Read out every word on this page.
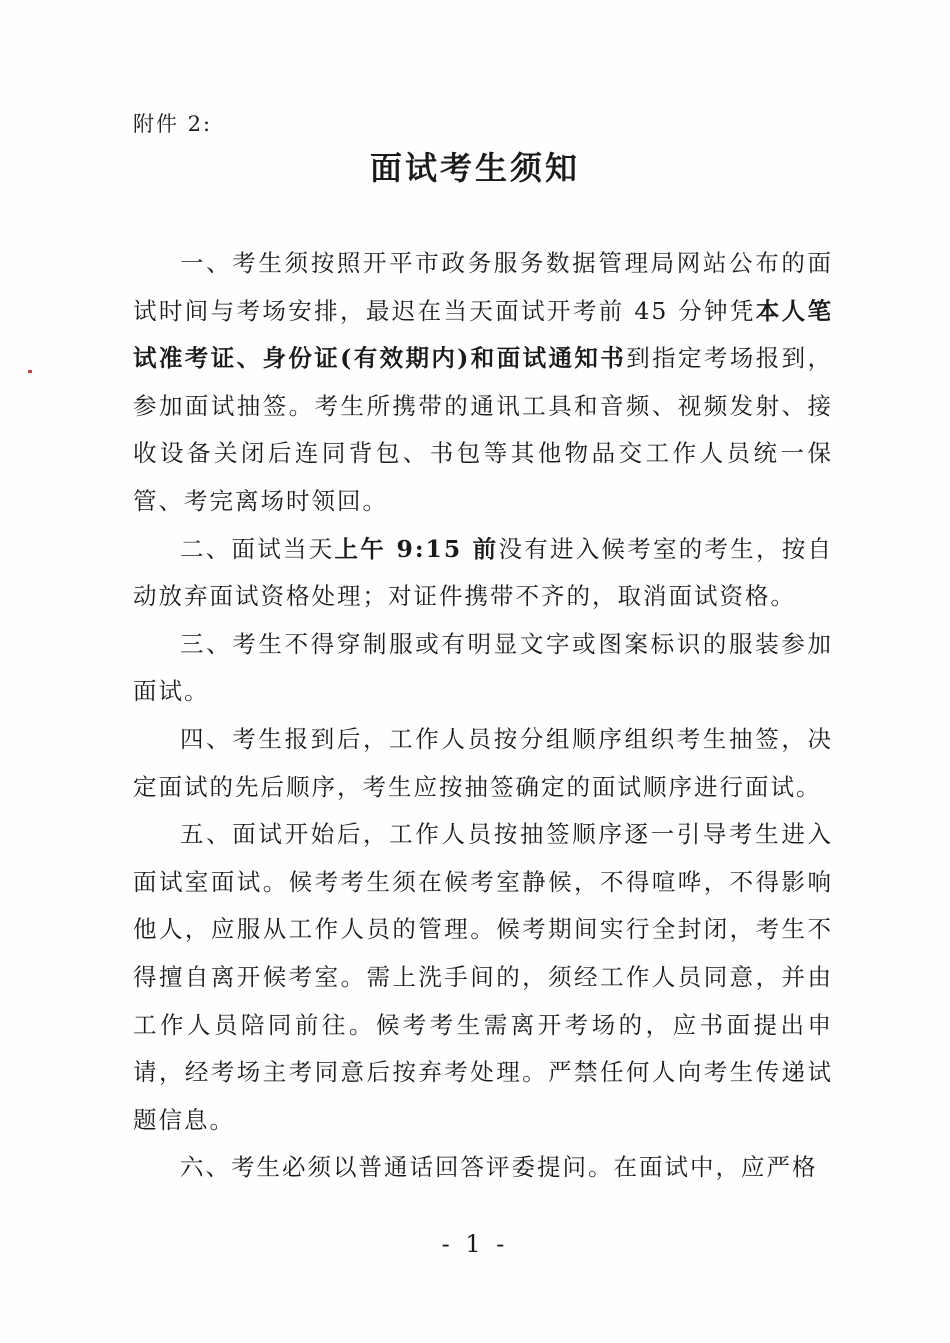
附件 2:
面试考生须知

一、考生须按照开平市政务服务数据管理局网站公布的面试时间与考场安排，最迟在当天面试开考前 45 分钟凭本人笔试准考证、身份证(有效期内)和面试通知书到指定考场报到，参加面试抽签。考生所携带的通讯工具和音频、视频发射、接收设备关闭后连同背包、书包等其他物品交工作人员统一保管、考完离场时领回。

二、面试当天上午 9:15 前没有进入候考室的考生，按自动放弃面试资格处理；对证件携带不齐的，取消面试资格。

三、考生不得穿制服或有明显文字或图案标识的服装参加面试。

四、考生报到后，工作人员按分组顺序组织考生抽签，决定面试的先后顺序，考生应按抽签确定的面试顺序进行面试。

五、面试开始后，工作人员按抽签顺序逐一引导考生进入面试室面试。候考考生须在候考室静候，不得喧哗，不得影响他人，应服从工作人员的管理。候考期间实行全封闭，考生不得擅自离开候考室。需上洗手间的，须经工作人员同意，并由工作人员陪同前往。候考考生需离开考场的，应书面提出申请，经考场主考同意后按弃考处理。严禁任何人向考生传递试题信息。

六、考生必须以普通话回答评委提问。在面试中，应严格

- 1 -
